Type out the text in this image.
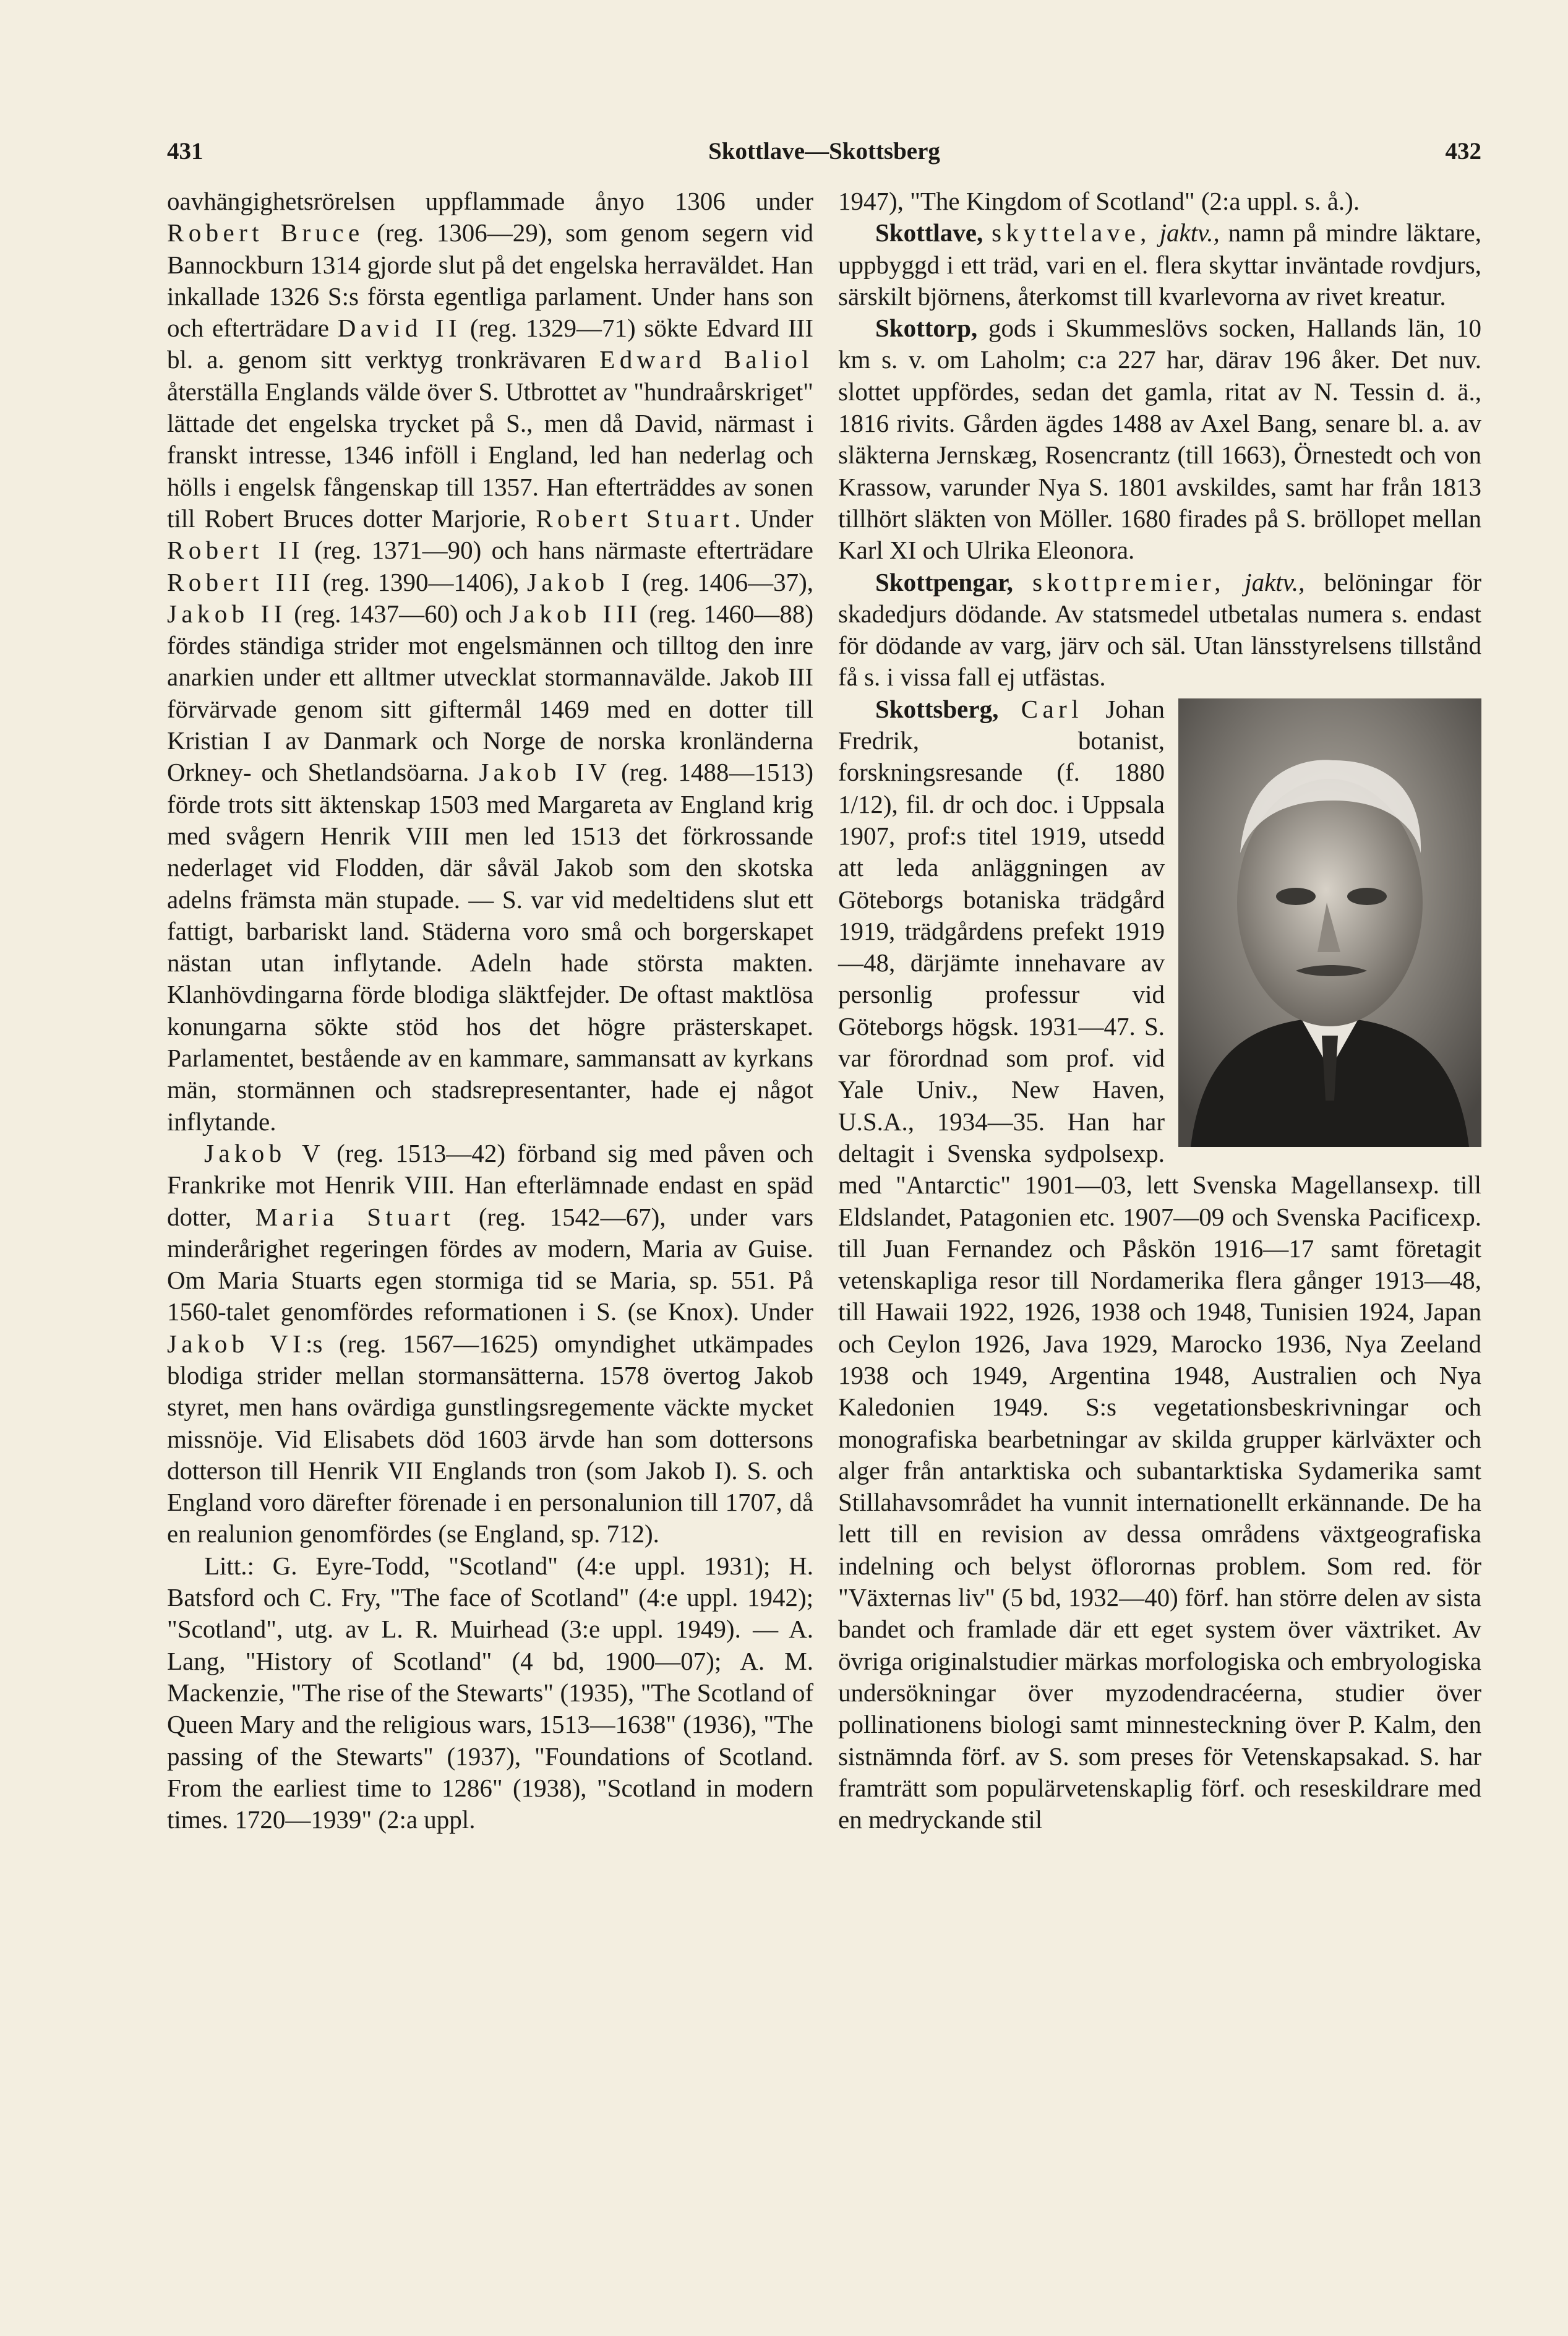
431	Skottlave—Skottsberg	432

oavhängighetsrörelsen uppflammade ånyo 1306 under Robert Bruce (reg. 1306—29), som genom segern vid Bannockburn 1314 gjorde slut på det engelska herraväldet. Han inkallade 1326 S:s första egentliga parlament. Under hans son och efterträdare David II (reg. 1329—71) sökte Edvard III bl. a. genom sitt verktyg tronkrävaren Edward Baliol återställa Englands välde över S. Utbrottet av "hundraårskriget" lättade det engelska trycket på S., men då David, närmast i franskt intresse, 1346 inföll i England, led han nederlag och hölls i engelsk fångenskap till 1357. Han efterträddes av sonen till Robert Bruces dotter Marjorie, Robert Stuart. Under Robert II (reg. 1371—90) och hans närmaste efterträdare Robert III (reg. 1390—1406), Jakob I (reg. 1406—37), Jakob II (reg. 1437—60) och Jakob III (reg. 1460—88) fördes ständiga strider mot engelsmännen och tilltog den inre anarkien under ett alltmer utvecklat stormannavälde. Jakob III förvärvade genom sitt giftermål 1469 med en dotter till Kristian I av Danmark och Norge de norska kronländerna Orkney- och Shetlandsöarna. Jakob IV (reg. 1488—1513) förde trots sitt äktenskap 1503 med Margareta av England krig med svågern Henrik VIII men led 1513 det förkrossande nederlaget vid Flodden, där såväl Jakob som den skotska adelns främsta män stupade. — S. var vid medeltidens slut ett fattigt, barbariskt land. Städerna voro små och borgerskapet nästan utan inflytande. Adeln hade största makten. Klanhövdingarna förde blodiga släktfejder. De oftast maktlösa konungarna sökte stöd hos det högre prästerskapet. Parlamentet, bestående av en kammare, sammansatt av kyrkans män, stormännen och stadsrepresentanter, hade ej något inflytande.

Jakob V (reg. 1513—42) förband sig med påven och Frankrike mot Henrik VIII. Han efterlämnade endast en späd dotter, Maria Stuart (reg. 1542—67), under vars minderårighet regeringen fördes av modern, Maria av Guise. Om Maria Stuarts egen stormiga tid se Maria, sp. 551. På 1560-talet genomfördes reformationen i S. (se Knox). Under Jakob VI:s (reg. 1567—1625) omyndighet utkämpades blodiga strider mellan stormansätterna. 1578 övertog Jakob styret, men hans ovärdiga gunstlingsregemente väckte mycket missnöje. Vid Elisabets död 1603 ärvde han som dottersons dotterson till Henrik VII Englands tron (som Jakob I). S. och England voro därefter förenade i en personalunion till 1707, då en realunion genomfördes (se England, sp. 712).

Litt.: G. Eyre-Todd, "Scotland" (4:e uppl. 1931); H. Batsford och C. Fry, "The face of Scotland" (4:e uppl. 1942); "Scotland", utg. av L. R. Muirhead (3:e uppl. 1949). — A. Lang, "History of Scotland" (4 bd, 1900—07); A. M. Mackenzie, "The rise of the Stewarts" (1935), "The Scotland of Queen Mary and the religious wars, 1513—1638" (1936), "The passing of the Stewarts" (1937), "Foundations of Scotland. From the earliest time to 1286" (1938), "Scotland in modern times. 1720—1939" (2:a uppl.

1947), "The Kingdom of Scotland" (2:a uppl. s. å.).

Skottlave, skyttelave, jaktv., namn på mindre läktare, uppbyggd i ett träd, vari en el. flera skyttar inväntade rovdjurs, särskilt björnens, återkomst till kvarlevorna av rivet kreatur.

Skottorp, gods i Skummeslövs socken, Hallands län, 10 km s. v. om Laholm; c:a 227 har, därav 196 åker. Det nuv. slottet uppfördes, sedan det gamla, ritat av N. Tessin d. ä., 1816 rivits. Gården ägdes 1488 av Axel Bang, senare bl. a. av släkterna Jernskæg, Rosencrantz (till 1663), Örnestedt och von Krassow, varunder Nya S. 1801 avskildes, samt har från 1813 tillhört släkten von Möller. 1680 firades på S. bröllopet mellan Karl XI och Ulrika Eleonora.

Skottpengar, skottpremier, jaktv., belöningar för skadedjurs dödande. Av statsmedel utbetalas numera s. endast för dödande av varg, järv och säl. Utan länsstyrelsens tillstånd få s. i vissa fall ej utfästas.

Skottsberg, Carl Johan Fredrik, botanist, forskningsresande (f. 1880 1/12), fil. dr och doc. i Uppsala 1907, prof:s titel 1919, utsedd att leda anläggningen av Göteborgs botaniska trädgård 1919, trädgårdens prefekt 1919—48, därjämte innehavare av personlig professur vid Göteborgs högsk. 1931—47. S. var förordnad som prof. vid Yale Univ., New Haven, U.S.A., 1934—35. Han har deltagit i Svenska sydpolsexp. med "Antarctic" 1901—03, lett Svenska Magellansexp. till Eldslandet, Patagonien etc. 1907—09 och Svenska Pacificexp. till Juan Fernandez och Påskön 1916—17 samt företagit vetenskapliga resor till Nordamerika flera gånger 1913—48, till Hawaii 1922, 1926, 1938 och 1948, Tunisien 1924, Japan och Ceylon 1926, Java 1929, Marocko 1936, Nya Zeeland 1938 och 1949, Argentina 1948, Australien och Nya Kaledonien 1949. S:s vegetationsbeskrivningar och monografiska bearbetningar av skilda grupper kärlväxter och alger från antarktiska och subantarktiska Sydamerika samt Stillahavsområdet ha vunnit internationellt erkännande. De ha lett till en revision av dessa områdens växtgeografiska indelning och belyst öflorornas problem. Som red. för "Växternas liv" (5 bd, 1932—40) förf. han större delen av sista bandet och framlade där ett eget system över växtriket. Av övriga originalstudier märkas morfologiska och embryologiska undersökningar över myzodendracéerna, studier över pollinationens biologi samt minnesteckning över P. Kalm, den sistnämnda förf. av S. som preses för Vetenskapsakad. S. har framträtt som populärvetenskaplig förf. och reseskildrare med en medryckande stil
